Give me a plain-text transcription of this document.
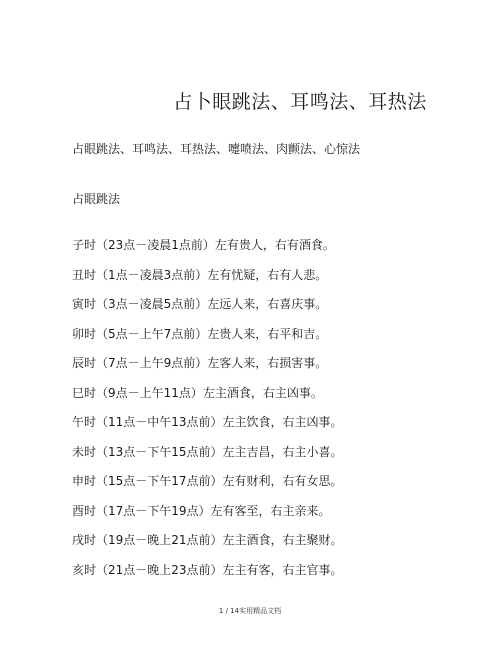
占卜眼跳法、耳鸣法、耳热法
占眼跳法、耳鸣法、耳热法、嚏喷法、肉颤法、心惊法
占眼跳法
子时（23点－凌晨1点前）左有贵人，右有酒食。
丑时（1点－凌晨3点前）左有忧疑，右有人悲。
寅时（3点－凌晨5点前）左远人来，右喜庆事。
卯时（5点－上午7点前）左贵人来，右平和吉。
辰时（7点－上午9点前）左客人来，右损害事。
巳时（9点－上午11点）左主酒食，右主凶事。
午时（11点－中午13点前）左主饮食，右主凶事。
未时（13点－下午15点前）左主吉昌，右主小喜。
申时（15点－下午17点前）左有财利，右有女思。
酉时（17点－下午19点）左有客至，右主亲来。
戌时（19点－晚上21点前）左主酒食，右主聚财。
亥时（21点－晚上23点前）左主有客，右主官事。
1 / 14实用精品文档
